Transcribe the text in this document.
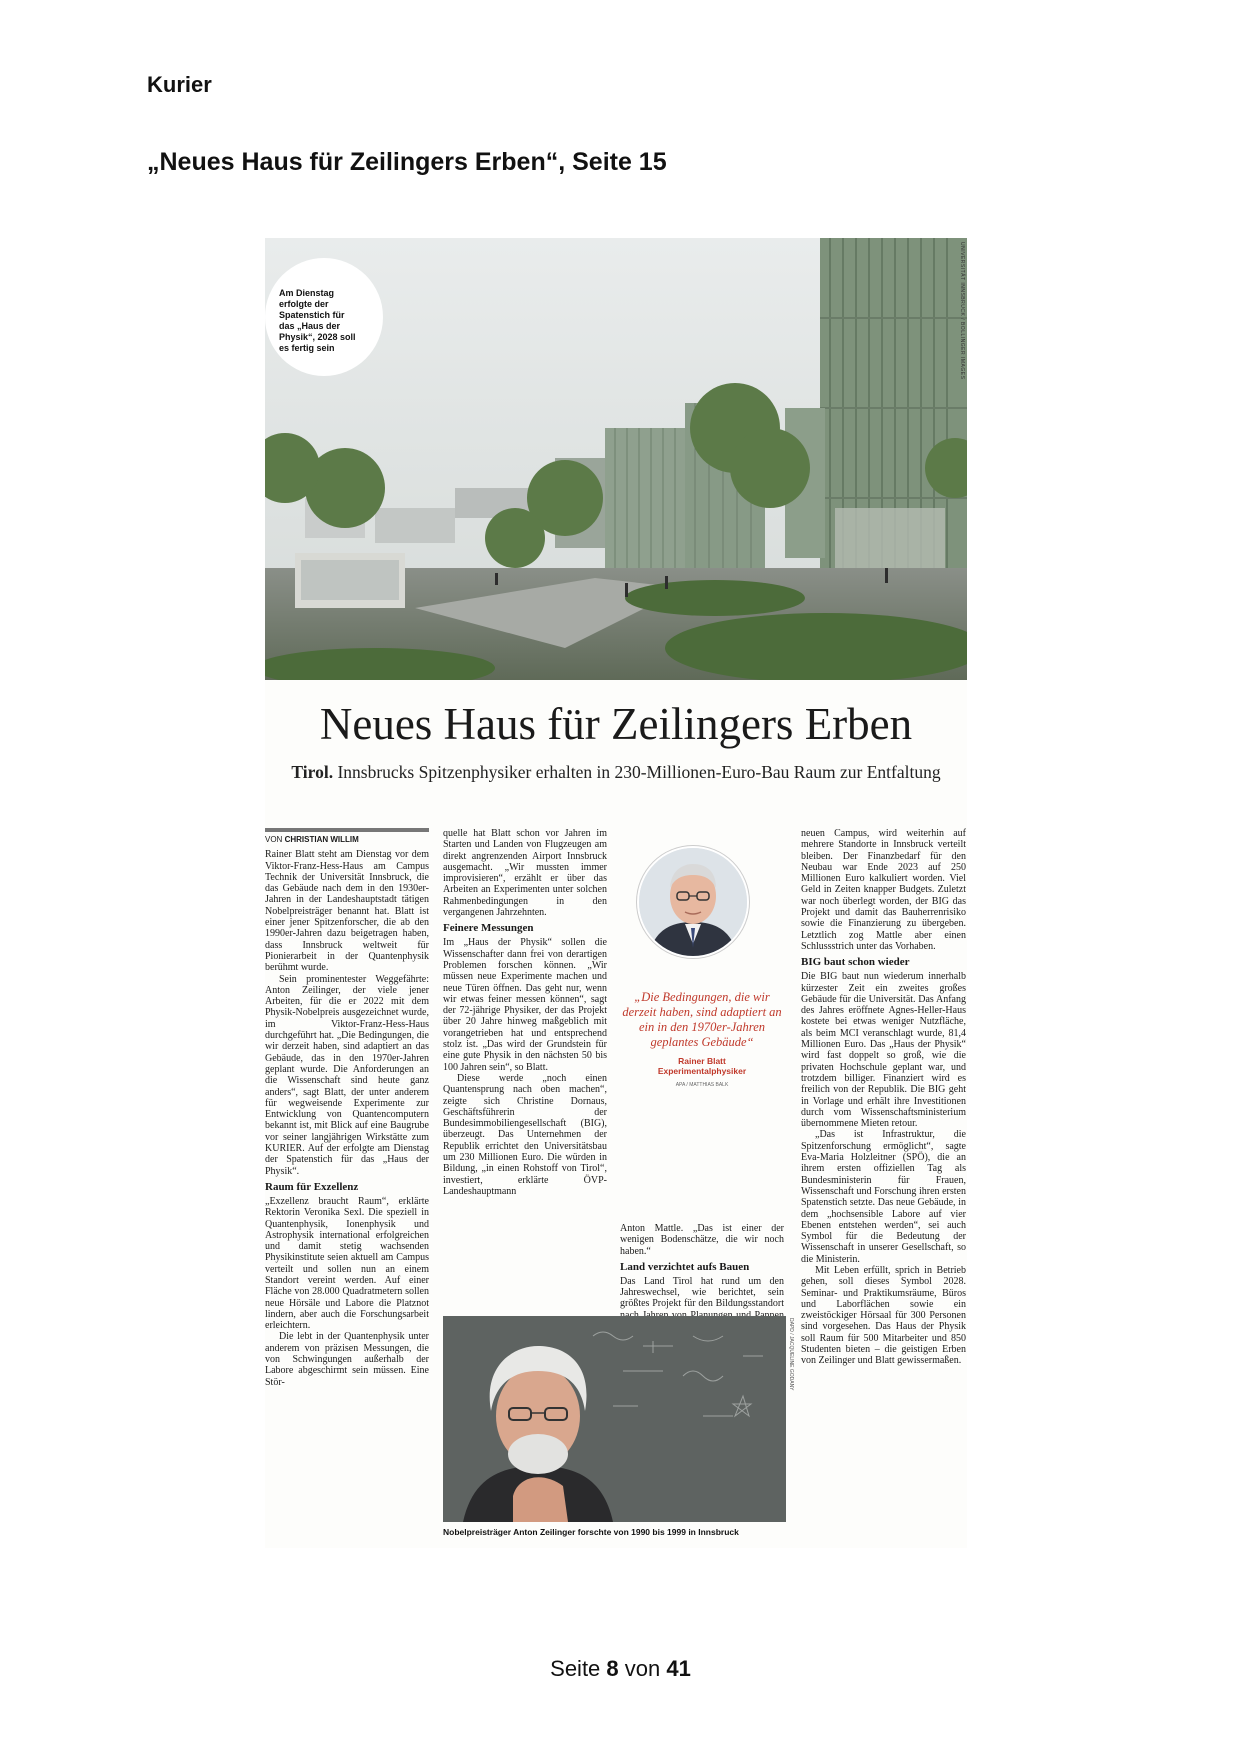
Kurier
„Neues Haus für Zeilingers Erben“, Seite 15
Am Dienstag erfolgte der Spatenstich für das „Haus der Physik“, 2028 soll es fertig sein	UNIVERSITÄT INNSBRUCK / BOLLINGER IMAGES
Neues Haus für Zeilingers Erben
Tirol. Innsbrucks Spitzenphysiker erhalten in 230-Millionen-Euro-Bau Raum zur Entfaltung
VON CHRISTIAN WILLIM

Rainer Blatt steht am Dienstag vor dem Viktor-Franz-Hess-Haus am Campus Technik der Universität Innsbruck, die das Gebäude nach dem in den 1930er-Jahren in der Landeshauptstadt tätigen Nobelpreisträger benannt hat. Blatt ist einer jener Spitzenforscher, die ab den 1990er-Jahren dazu beigetragen haben, dass Innsbruck weltweit für Pionierarbeit in der Quantenphysik berühmt wurde.

Sein prominentester Weggefährte: Anton Zeilinger, der viele jener Arbeiten, für die er 2022 mit dem Physik-Nobelpreis ausgezeichnet wurde, im Viktor-Franz-Hess-Haus durchgeführt hat. „Die Bedingungen, die wir derzeit haben, sind adaptiert an das Gebäude, das in den 1970er-Jahren geplant wurde. Die Anforderungen an die Wissenschaft sind heute ganz anders“, sagt Blatt, der unter anderem für wegweisende Experimente zur Entwicklung von Quantencomputern bekannt ist, mit Blick auf eine Baugrube vor seiner langjährigen Wirkstätte zum KURIER. Auf der erfolgte am Dienstag der Spatenstich für das „Haus der Physik“.

Raum für Exzellenz

„Exzellenz braucht Raum“, erklärte Rektorin Veronika Sexl. Die speziell in Quantenphysik, Ionenphysik und Astrophysik international erfolgreichen und damit stetig wachsenden Physikinstitute seien aktuell am Campus verteilt und sollen nun an einem Standort vereint werden. Auf einer Fläche von 28.000 Quadratmetern sollen neue Hörsäle und Labore die Platznot lindern, aber auch die Forschungsarbeit erleichtern.

Die lebt in der Quantenphysik unter anderem von präzisen Messungen, die von Schwingungen außerhalb der Labore abgeschirmt sein müssen. Eine Stör-

quelle hat Blatt schon vor Jahren im Starten und Landen von Flugzeugen am direkt angrenzenden Airport Innsbruck ausgemacht. „Wir mussten immer improvisieren“, erzählt er über das Arbeiten an Experimenten unter solchen Rahmenbedingungen in den vergangenen Jahrzehnten.

Feinere Messungen

Im „Haus der Physik“ sollen die Wissenschafter dann frei von derartigen Problemen forschen können. „Wir müssen neue Experimente machen und neue Türen öffnen. Das geht nur, wenn wir etwas feiner messen können“, sagt der 72-jährige Physiker, der das Projekt über 20 Jahre hinweg maßgeblich mit vorangetrieben hat und entsprechend stolz ist. „Das wird der Grundstein für eine gute Physik in den nächsten 50 bis 100 Jahren sein“, so Blatt.

Diese werde „noch einen Quantensprung nach oben machen“, zeigte sich Christine Dornaus, Geschäftsführerin der Bundesimmobiliengesellschaft (BIG), überzeugt. Das Unternehmen der Republik errichtet den Universitätsbau um 230 Millionen Euro. Die würden in Bildung, „in einen Rohstoff von Tirol“, investiert, erklärte ÖVP-Landeshauptmann

„Die Bedingungen, die wir derzeit haben, sind adaptiert an ein in den 1970er-Jahren geplantes Gebäude“
Rainer Blatt
Experimentalphysiker
APA / MATTHIAS BALK

Anton Mattle. „Das ist einer der wenigen Bodenschätze, die wir noch haben.“

Land verzichtet aufs Bauen

Das Land Tirol hat rund um den Jahreswechsel, wie berichtet, sein größtes Projekt für den Bildungsstandort

neuen Campus, wird weiterhin auf mehrere Standorte in Innsbruck verteilt bleiben. Der Finanzbedarf für den Neubau war Ende 2023 auf 250 Millionen Euro kalkuliert worden. Viel Geld in Zeiten knapper Budgets. Zuletzt war noch überlegt worden, der BIG das Projekt und damit das Bauherrenrisiko sowie die Finanzierung zu übergeben. Letztlich zog Mattle aber einen Schlussstrich unter das Vorhaben.

BIG baut schon wieder

Die BIG baut nun wiederum innerhalb kürzester Zeit ein zweites großes Gebäude für die Universität. Das Anfang des Jahres eröffnete Agnes-Heller-Haus kostete bei etwas weniger Nutzfläche, als beim MCI veranschlagt wurde, 81,4 Millionen Euro. Das „Haus der Physik“ wird fast doppelt so groß, wie die privaten Hochschule geplant war, und trotzdem billiger. Finanziert wird es freilich von der Republik. Die BIG geht in Vorlage und erhält ihre Investitionen durch vom Wissenschaftsministerium übernommene Mieten retour.

„Das ist Infrastruktur, die Spitzenforschung ermöglicht“, sagte Eva-Maria Holzleitner (SPÖ), die an ihrem ersten offiziellen Tag als Bundesministerin für Frauen, Wissenschaft und Forschung ihren ersten Spatenstich setzte. Das neue Gebäude, in dem „hochsensible Labore auf vier Ebenen entstehen werden“, sei auch Symbol für die Bedeutung der Wissenschaft in unserer Gesellschaft, so die Ministerin.

Mit Leben erfüllt, sprich in Betrieb gehen, soll dieses Symbol 2028. Seminar- und Praktikumsräume, Büros und Laborflächen sowie ein zweistöckiger Hörsaal für 300 Personen sind vorgesehen. Das Haus der Physik soll Raum für 500 Mitarbeiter und 850 Studenten bieten – die geistigen Erben von Zeilinger und Blatt gewissermaßen.

DAPD / JACQUELINE GODANY
Nobelpreisträger Anton Zeilinger forschte von 1990 bis 1999 in Innsbruck
Seite 8 von 41
